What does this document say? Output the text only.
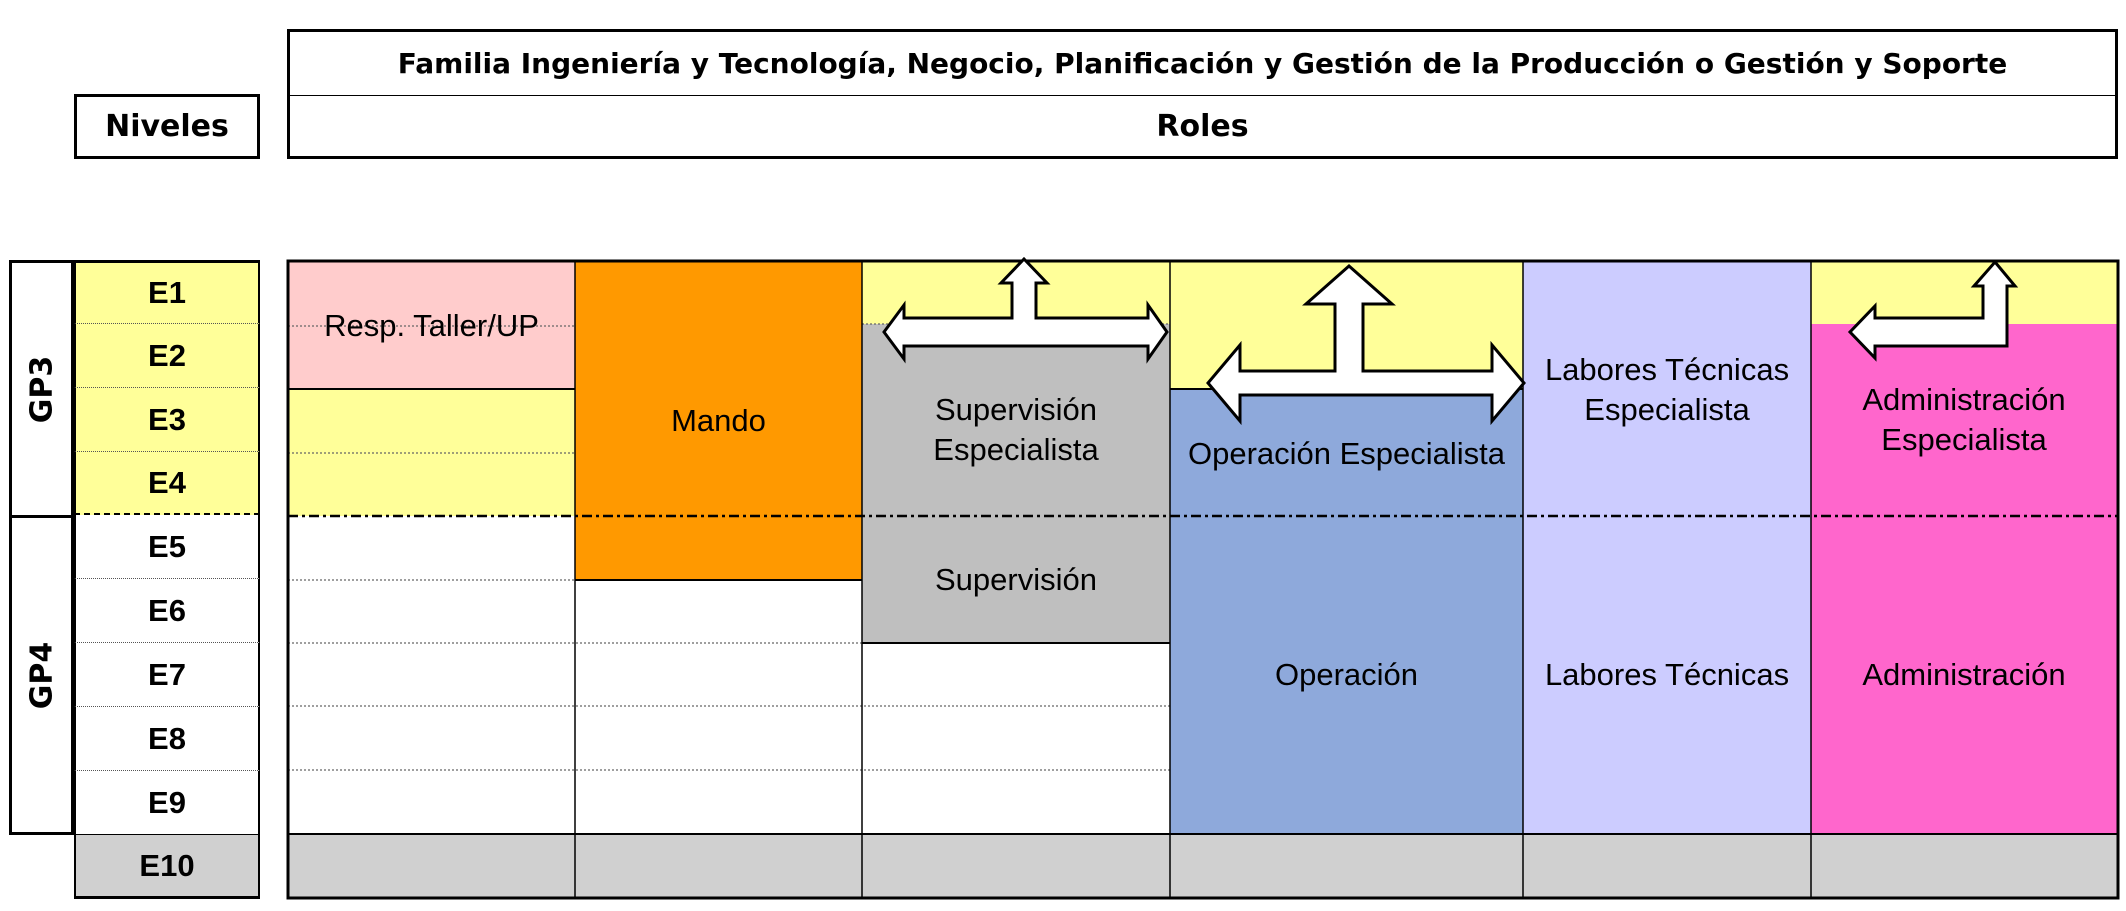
Familia Ingeniería y Tecnología, Negocio, Planificación y Gestión de la Producción o Gestión y Soporte
Roles
Niveles
GP3
GP4
E1
E2
E3
E4
E5
E6
E7
E8
E9
E10
Resp. Taller/UP
Mando	Supervisión Especialista
Supervisión
Operación Especialista
Operación
Labores Técnicas Especialista
Labores Técnicas
Administración Especialista
Administración
